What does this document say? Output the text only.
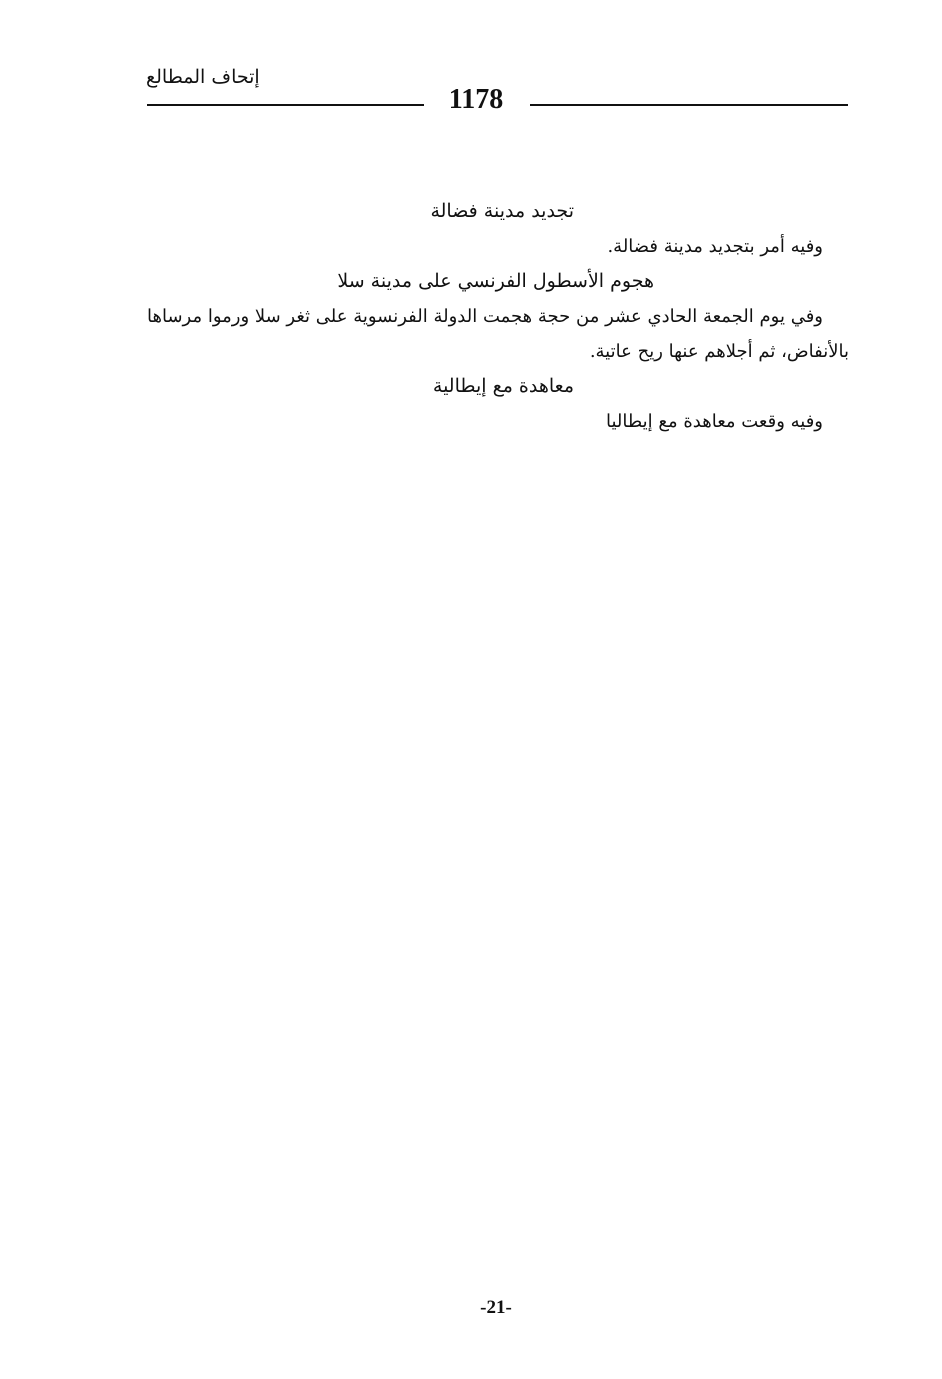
إتحاف المطالع
1178
تجديد مدينة فضالة

وفيه أمر بتجديد مدينة فضالة.

هجوم الأسطول الفرنسي على مدينة سلا

وفي يوم الجمعة الحادي عشر من حجة هجمت الدولة الفرنسوية على ثغر سلا ورموا مرساها بالأنفاض، ثم أجلاهم عنها ريح عاتية.

معاهدة مع إيطالية

وفيه وقعت معاهدة مع إيطاليا

-21-
